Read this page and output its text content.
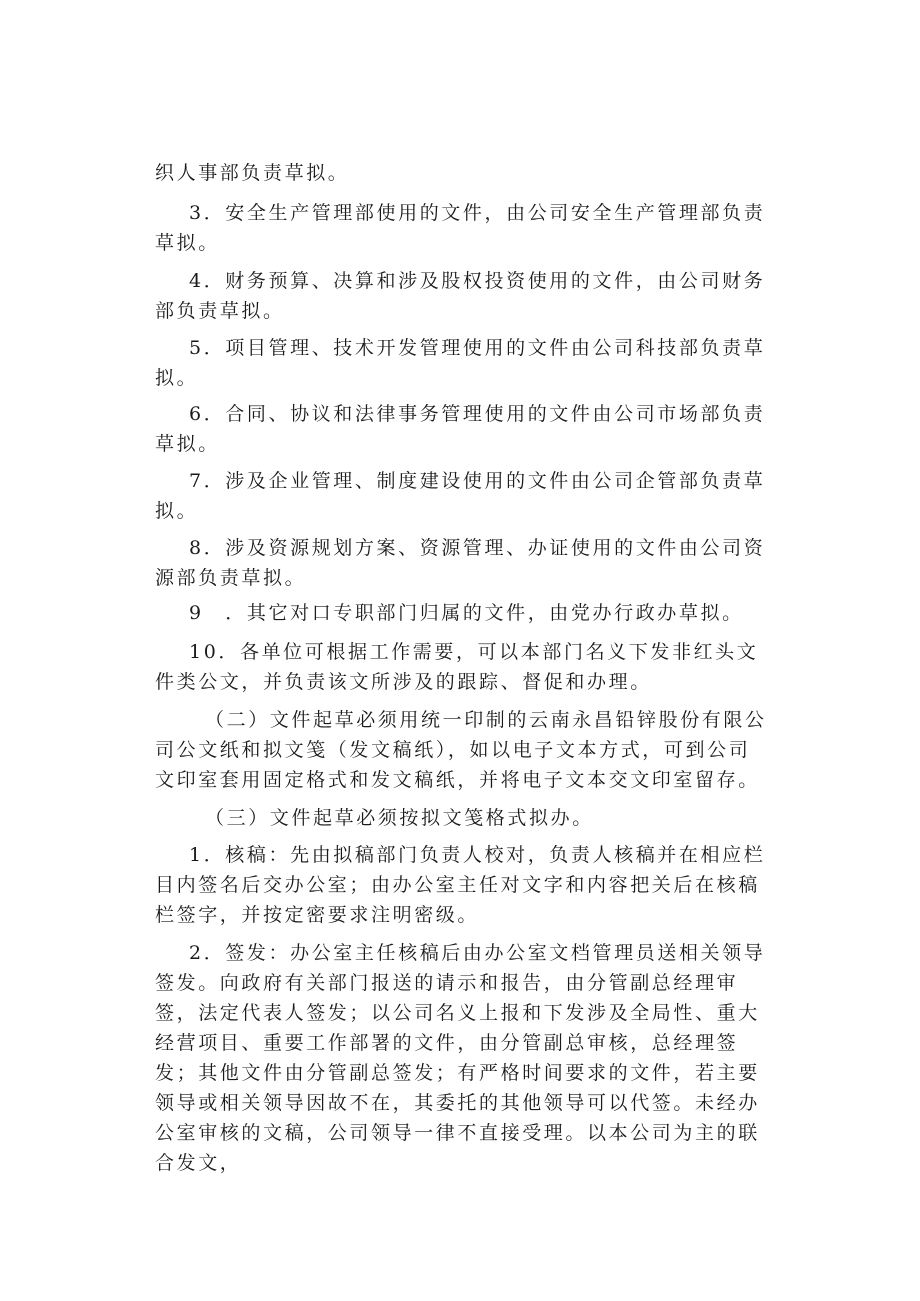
织人事部负责草拟。

3．安全生产管理部使用的文件，由公司安全生产管理部负责草拟。

4．财务预算、决算和涉及股权投资使用的文件，由公司财务部负责草拟。

5．项目管理、技术开发管理使用的文件由公司科技部负责草拟。

6．合同、协议和法律事务管理使用的文件由公司市场部负责草拟。

7．涉及企业管理、制度建设使用的文件由公司企管部负责草拟。

8．涉及资源规划方案、资源管理、办证使用的文件由公司资源部负责草拟。

9　．其它对口专职部门归属的文件，由党办行政办草拟。

10．各单位可根据工作需要，可以本部门名义下发非红头文件类公文，并负责该文所涉及的跟踪、督促和办理。

（二）文件起草必须用统一印制的云南永昌铅锌股份有限公司公文纸和拟文笺（发文稿纸），如以电子文本方式，可到公司文印室套用固定格式和发文稿纸，并将电子文本交文印室留存。

（三）文件起草必须按拟文笺格式拟办。

1．核稿：先由拟稿部门负责人校对，负责人核稿并在相应栏目内签名后交办公室；由办公室主任对文字和内容把关后在核稿栏签字，并按定密要求注明密级。

2．签发：办公室主任核稿后由办公室文档管理员送相关领导签发。向政府有关部门报送的请示和报告，由分管副总经理审签，法定代表人签发；以公司名义上报和下发涉及全局性、重大经营项目、重要工作部署的文件，由分管副总审核，总经理签发；其他文件由分管副总签发；有严格时间要求的文件，若主要领导或相关领导因故不在，其委托的其他领导可以代签。未经办公室审核的文稿，公司领导一律不直接受理。以本公司为主的联合发文，
